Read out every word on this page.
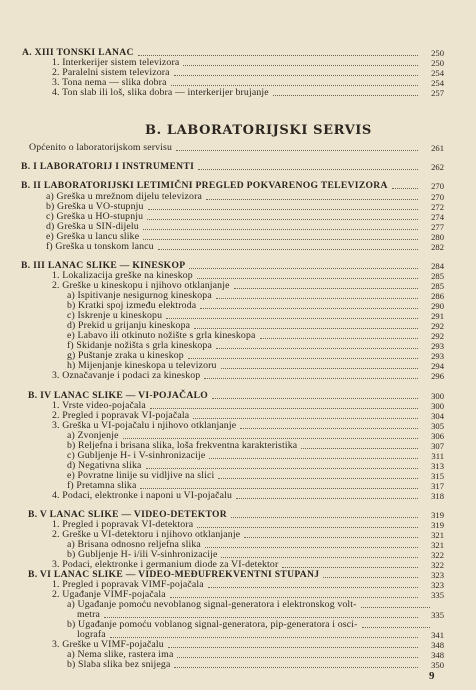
A. XIII TONSKI LANAC	250
1. Interkerijer sistem televizora	250
2. Paralelni sistem televizora	254
3. Tona nema — slika dobra	254
4. Ton slab ili loš, slika dobra — interkerijer brujanje	257
Općenito o laboratorijskom servisu	261
B. I LABORATORIJ I INSTRUMENTI	262
B. II LABORATORIJSKI LETIMIČNI PREGLED POKVARENOG TELEVIZORA	270
a) Greška u mrežnom dijelu televizora	270
b) Greška u VO-stupnju	272
c) Greška u HO-stupnju	274
d) Greška u SIN-dijelu	277
e) Greška u lancu slike	280
f) Greška u tonskom lancu	282
B. III LANAC SLIKE — KINESKOP	284
1. Lokalizacija greške na kineskop	285
2. Greške u kineskopu i njihovo otklanjanje	285
a) Ispitivanje nesigurnog kineskopa	286
b) Kratki spoj između elektroda	290
c) Iskrenje u kineskopu	291
d) Prekid u grijanju kineskopa	292
e) Labavo ili otkinuto nožište s grla kineskopa	292
f) Skidanje nožišta s grla kineskopa	293
g) Puštanje zraka u kineskop	293
h) Mijenjanje kineskopa u televizoru	294
3. Označavanje i podaci za kineskop	296
B. IV LANAC SLIKE — VI-POJAČALO	300
1. Vrste video-pojačala	300
2. Pregled i popravak VI-pojačala	304
3. Greška u VI-pojačalu i njihovo otklanjanje	305
a) Zvonjenje	306
b) Reljefna i brisana slika, loša frekventna karakteristika	307
c) Gubljenje H- i V-sinhronizacije	311
d) Negativna slika	313
e) Povratne linije su vidljive na slici	315
f) Pretamna slika	317
4. Podaci, elektronke i naponi u VI-pojačalu	318
B. V LANAC SLIKE — VIDEO-DETEKTOR	319
1. Pregled i popravak VI-detektora	319
2. Greške u VI-detektoru i njihovo otklanjanje	321
a) Brisana odnosno reljefna slika	321
b) Gubljenje H- i/ili V-sinhronizacije	322
3. Podaci, elektronke i germanium diode za VI-detektor	322
B. VI LANAC SLIKE — VIDEO-MEĐUFREKVENTNI STUPANJ	323
1. Pregled i popravak VIMF-pojačala	323
2. Ugađanje VIMF-pojačala	335
a) Ugađanje pomoću nevoblanog signal-generatora i elektronskog volt-
metra	335
b) Ugađanje pomoću voblanog signal-generatora, pip-generatora i osci-
lografa	341
3. Greške u VIMF-pojačalu	348
a) Nema slike, rastera ima	348
b) Slaba slika bez snijega	350
B. LABORATORIJSKI SERVIS
9
